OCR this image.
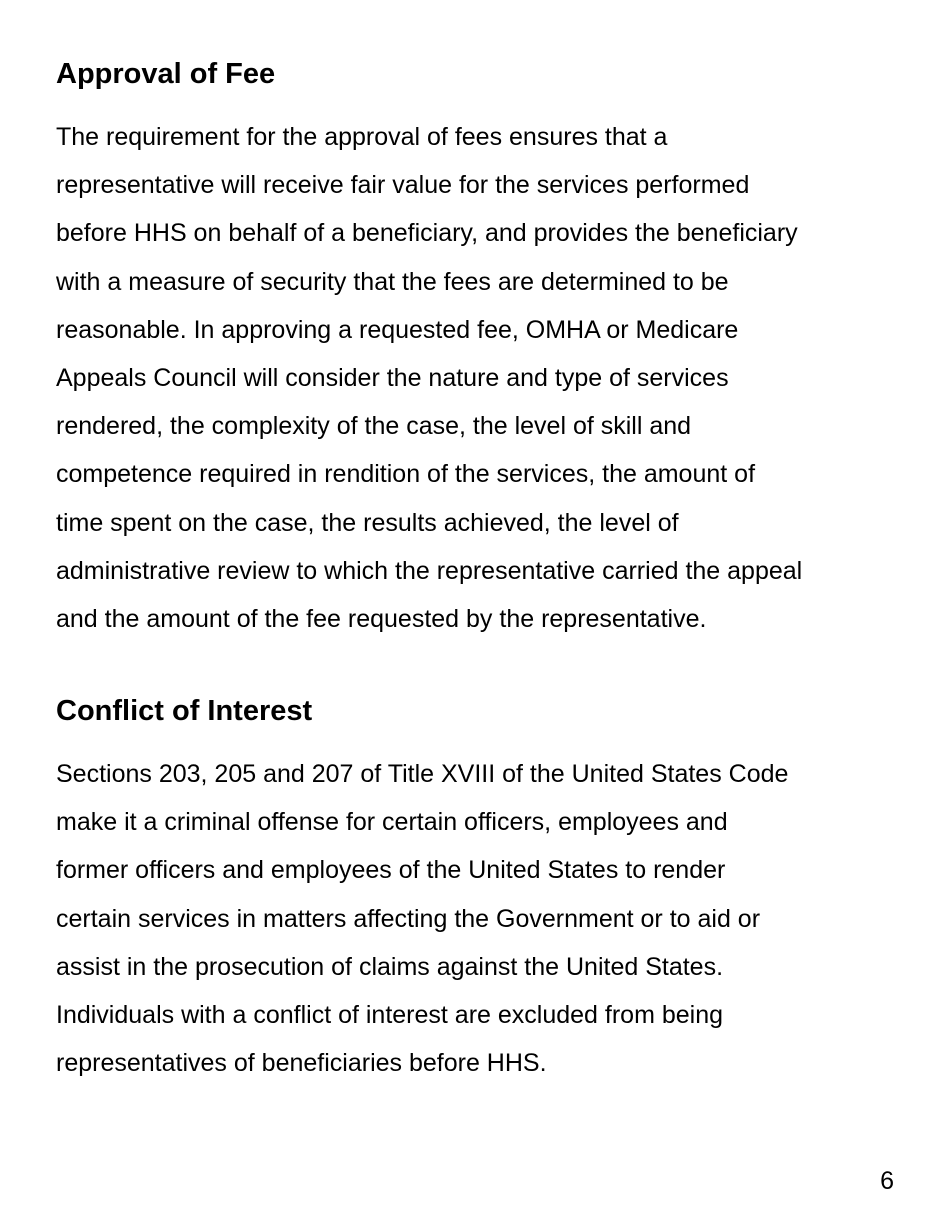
Approval of Fee

The requirement for the approval of fees ensures that a
representative will receive fair value for the services performed
before HHS on behalf of a beneficiary, and provides the beneficiary
with a measure of security that the fees are determined to be
reasonable. In approving a requested fee, OMHA or Medicare
Appeals Council will consider the nature and type of services
rendered, the complexity of the case, the level of skill and
competence required in rendition of the services, the amount of
time spent on the case, the results achieved, the level of
administrative review to which the representative carried the appeal
and the amount of the fee requested by the representative.

Conflict of Interest

Sections 203, 205 and 207 of Title XVIII of the United States Code
make it a criminal offense for certain officers, employees and
former officers and employees of the United States to render
certain services in matters affecting the Government or to aid or
assist in the prosecution of claims against the United States.
Individuals with a conflict of interest are excluded from being
representatives of beneficiaries before HHS.

6
